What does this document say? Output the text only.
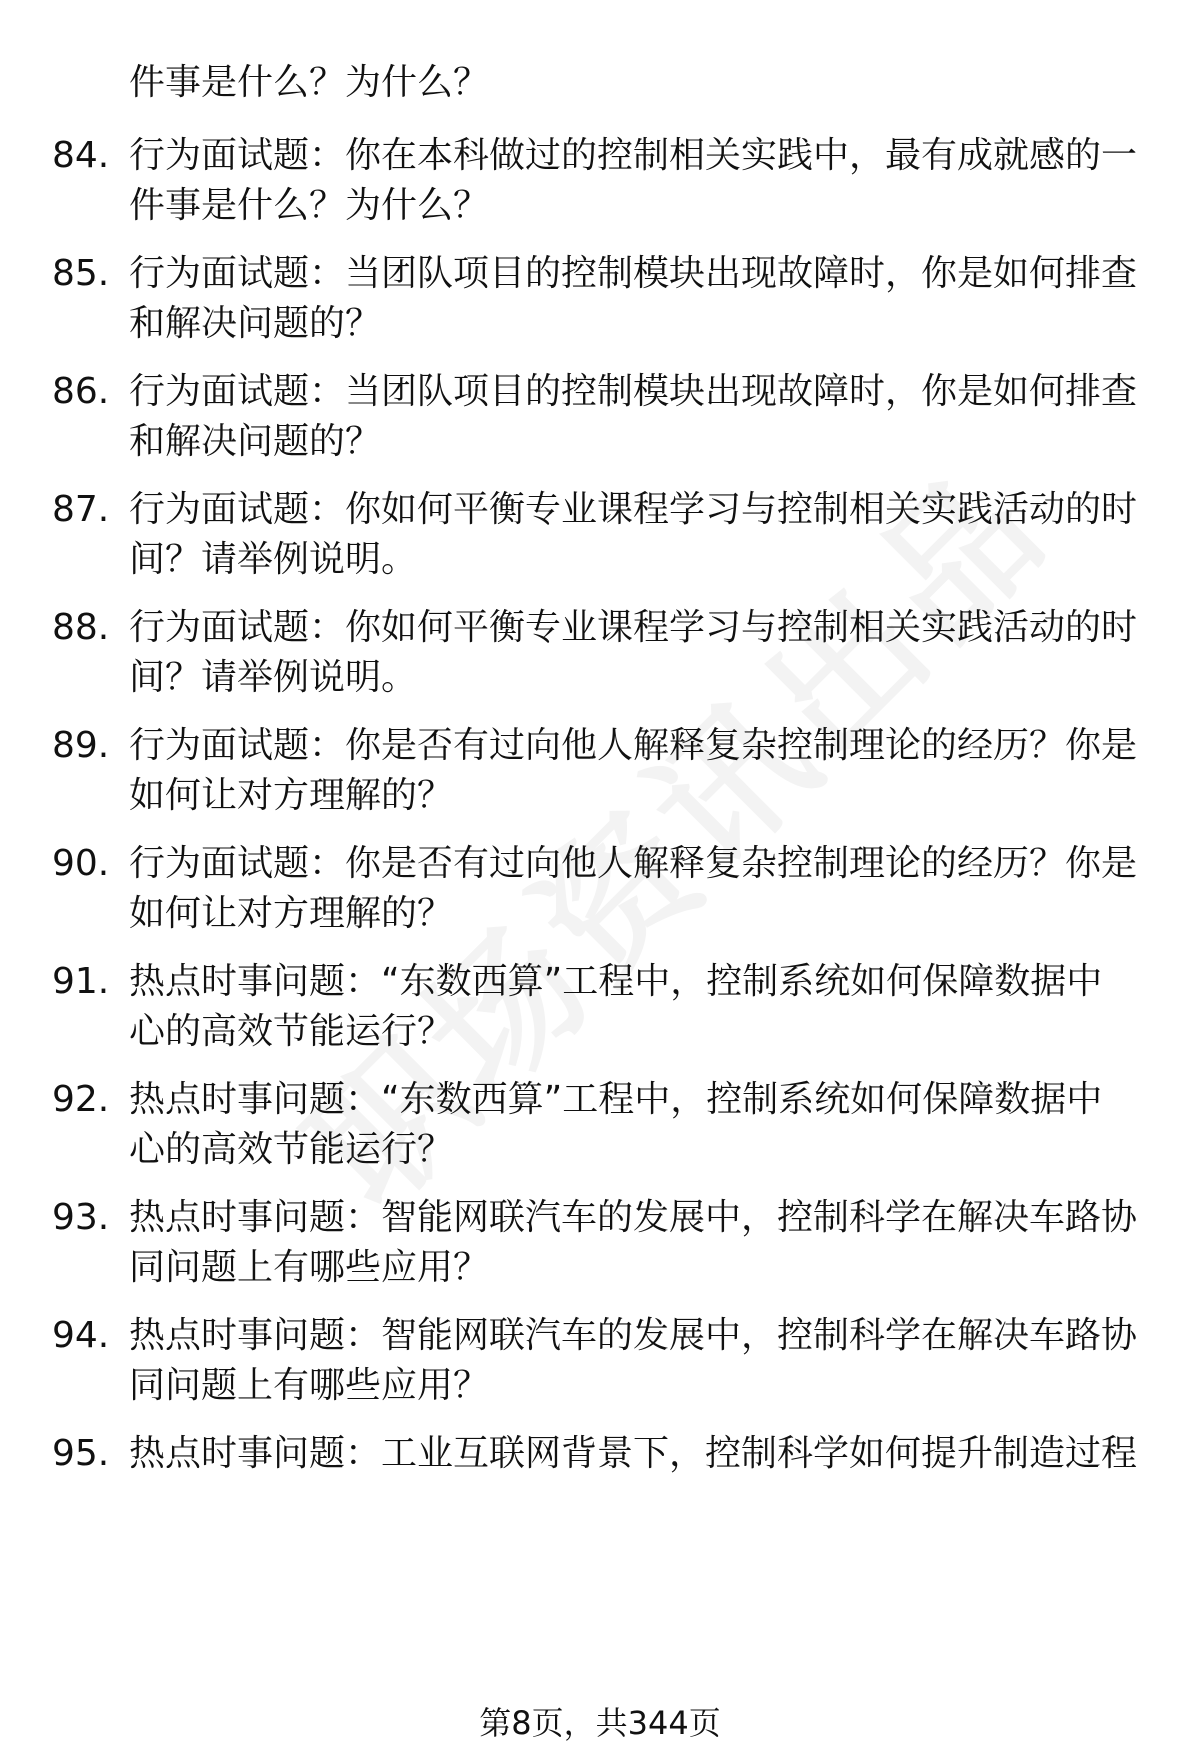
件事是什么？为什么？
84. 行为面试题：你在本科做过的控制相关实践中，最有成就感的一
件事是什么？为什么？
85. 行为面试题：当团队项目的控制模块出现故障时，你是如何排查
和解决问题的？
86. 行为面试题：当团队项目的控制模块出现故障时，你是如何排查
和解决问题的？
87. 行为面试题：你如何平衡专业课程学习与控制相关实践活动的时
间？请举例说明。
88. 行为面试题：你如何平衡专业课程学习与控制相关实践活动的时
间？请举例说明。
89. 行为面试题：你是否有过向他人解释复杂控制理论的经历？你是
如何让对方理解的？
90. 行为面试题：你是否有过向他人解释复杂控制理论的经历？你是
如何让对方理解的？
91. 热点时事问题：“东数西算”工程中，控制系统如何保障数据中
心的高效节能运行？
92. 热点时事问题：“东数西算”工程中，控制系统如何保障数据中
心的高效节能运行？
93. 热点时事问题：智能网联汽车的发展中，控制科学在解决车路协
同问题上有哪些应用？
94. 热点时事问题：智能网联汽车的发展中，控制科学在解决车路协
同问题上有哪些应用？
95. 热点时事问题：工业互联网背景下，控制科学如何提升制造过程
第8页，共344页
